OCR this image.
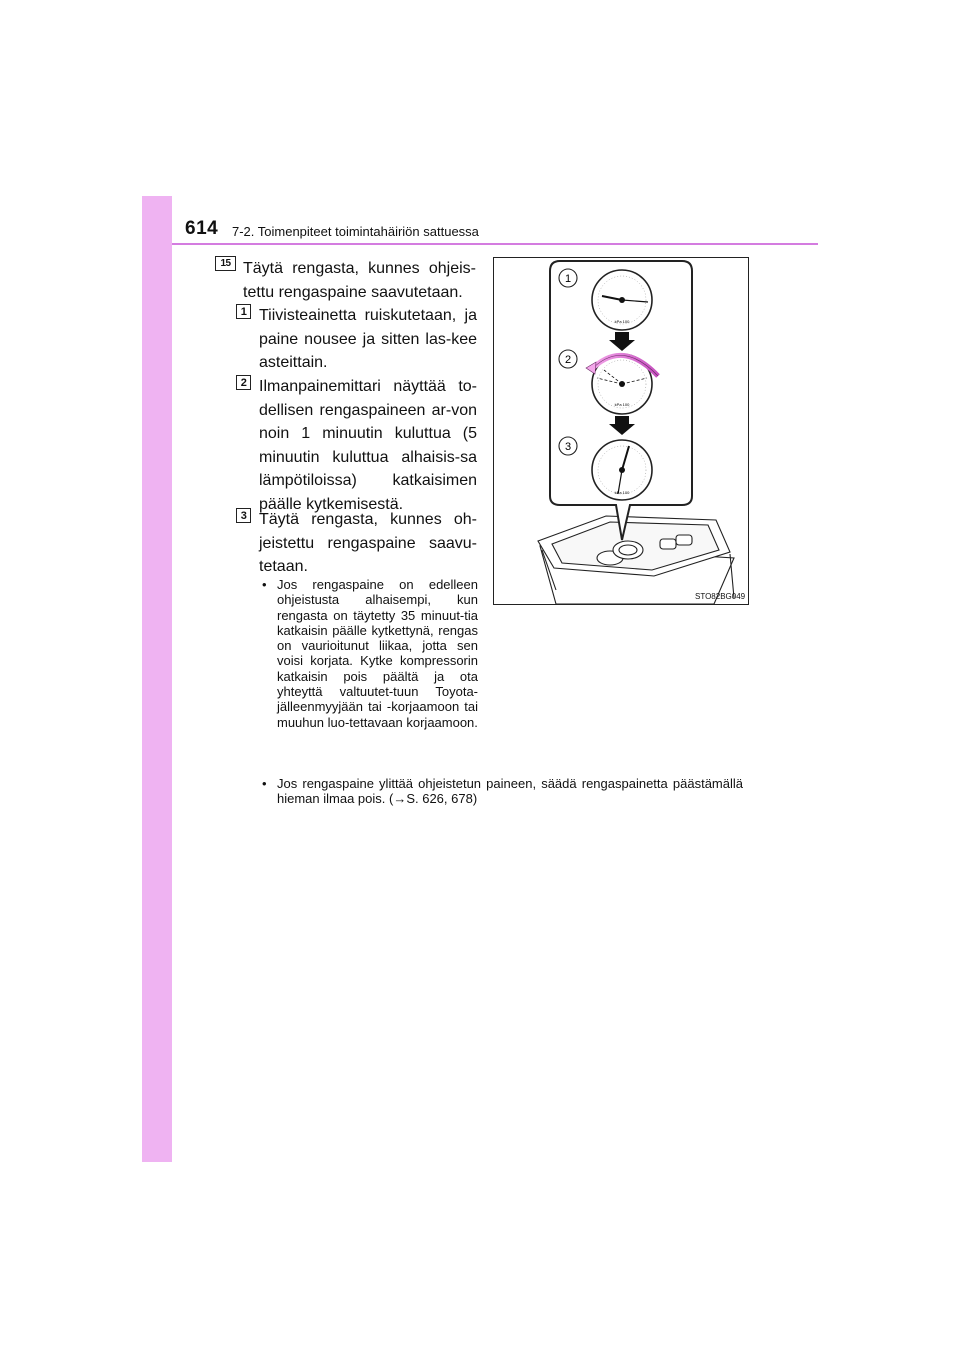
614 7-2. Toimenpiteet toimintahäiriön sattuessa
15 Täytä rengasta, kunnes ohjeis-tettu rengaspaine saavutetaan.
1 Tiivisteainetta ruiskutetaan, ja paine nousee ja sitten las-kee asteittain.
2 Ilmanpainemittari näyttää to-dellisen rengaspaineen ar-von noin 1 minuutin kuluttua (5 minuutin kuluttua alhaisis-sa lämpötiloissa) katkaisimen päälle kytkemisestä.
3 Täytä rengasta, kunnes oh-jeistettu rengaspaine saavu-tetaan.
• Jos rengaspaine on edelleen ohjeistusta alhaisempi, kun rengasta on täytetty 35 minuut-tia katkaisin päälle kytkettynä, rengas on vaurioitunut liikaa, jotta sen voisi korjata. Kytke kompressorin katkaisin pois päältä ja ota yhteyttä valtuutet-tuun Toyota-jälleenmyyjään tai -korjaamoon tai muuhun luo-tettavaan korjaamoon.
• Jos rengaspaine ylittää ohjeistetun paineen, säädä rengaspainetta päästämällä hieman ilmaa pois. (→S. 626, 678)
1
2
3
kPa 100
kPa 100
kPa 100
STO82BG049
